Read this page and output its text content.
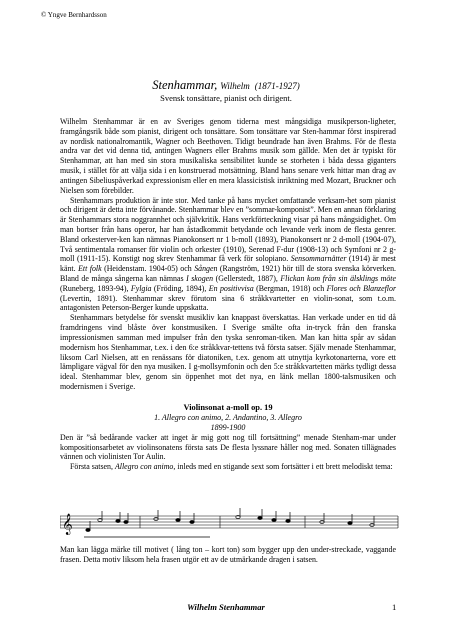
© Yngve Bernhardsson
Stenhammar, Wilhelm (1871-1927)
Svensk tonsättare, pianist och dirigent.

Wilhelm Stenhammar är en av Sveriges genom tiderna mest mångsidiga musikperson-ligheter, framgångsrik både som pianist, dirigent och tonsättare. Som tonsättare var Sten-hammar först inspirerad av nordisk nationalromantik, Wagner och Beethoven. Tidigt beundrade han även Brahms. För de flesta andra var det vid denna tid, antingen Wagners eller Brahms musik som gällde. Men det är typiskt för Stenhammar, att han med sin stora musikaliska sensibilitet kunde se storheten i båda dessa giganters musik, i stället för att välja sida i en konstruerad motsättning. Bland hans senare verk hittar man drag av antingen Sibeliuspåverkad expressionism eller en mera klassicistisk inriktning med Mozart, Bruckner och Nielsen som förebilder.

Stenhammars produktion är inte stor. Med tanke på hans mycket omfattande verksam-het som pianist och dirigent är detta inte förvånande. Stenhammar blev en ”sommar-komponist”. Men en annan förklaring är Stenhammars stora noggrannhet och självkritik. Hans verkförteckning visar på hans mångsidighet. Om man bortser från hans operor, har han åstadkommit betydande och levande verk inom de flesta genrer. Bland orkesterver-ken kan nämnas Pianokonsert nr 1 b-moll (1893), Pianokonsert nr 2 d-moll (1904-07), Två sentimentala romanser för violin och orkester (1910), Serenad F-dur (1908-13) och Symfoni nr 2 g-moll (1911-15). Konstigt nog skrev Stenhammar få verk för solopiano. Sensommarnätter (1914) är mest känt. Ett folk (Heidenstam. 1904-05) och Sången (Rangström, 1921) hör till de stora svenska körverken. Bland de många sångerna kan nämnas I skogen (Gellerstedt, 1887), Flickan kom från sin älsklings möte (Runeberg, 1893-94), Fylgia (Fröding, 1894), En positivvisa (Bergman, 1918) och Flores och Blanzeflor (Levertin, 1891). Stenhammar skrev förutom sina 6 stråkkvartetter en violin-sonat, som t.o.m. antagonisten Peterson-Berger kunde uppskatta.

Stenhammars betydelse för svenskt musikliv kan knappast överskattas. Han verkade under en tid då framdringens vind blåste över konstmusiken. I Sverige smälte ofta in-tryck från den franska impressionismen samman med impulser från den tyska senroman-tiken. Man kan hitta spår av sådan modernism hos Stenhammar, t.ex. i den 6:e stråkkvar-tettens två första satser. Själv menade Stenhammar, liksom Carl Nielsen, att en renässans för diatoniken, t.ex. genom att utnyttja kyrkotonarterna, vore ett lämpligare vägval för den nya musiken. I g-mollsymfonin och den 5:e stråkkvartetten märks tydligt dessa ideal. Stenhammar blev, genom sin öppenhet mot det nya, en länk mellan 1800-talsmusiken och modernismen i Sverige.

Violinsonat a-moll op. 19
1. Allegro con animo, 2. Andantino, 3. Allegro
1899-1900

Den är ”så bedårande vacker att inget är mig gott nog till fortsättning” menade Stenham-mar under kompositionsarbetet av violinsonatens första sats De flesta lyssnare håller nog med. Sonaten tillägnades vännen och violinisten Tor Aulin.

Första satsen, Allegro con animo, inleds med en stigande sext som fortsätter i ett brett melodiskt tema:

𝄞

Man kan lägga märke till motivet ( lång ton – kort ton) som bygger upp den under-streckade, vaggande frasen. Detta motiv liksom hela frasen utgör ett av de utmärkande dragen i satsen.

Wilhelm Stenhammar	1
